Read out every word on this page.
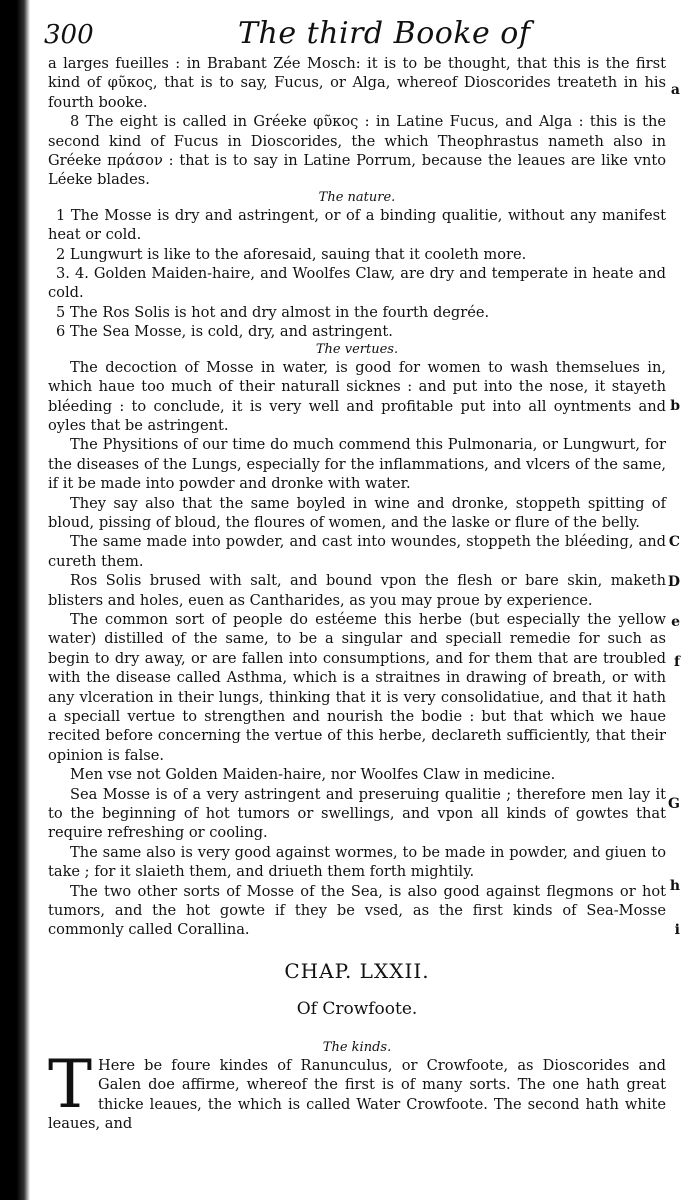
300	The third Booke of

a larges fueilles : in Brabant Zée Mosch: it is to be thought, that this is the first kind of φῦκος, that is to say, Fucus, or Alga, whereof Dioscorides treateth in his fourth booke.

8 The eight is called in Gréeke φῦκος : in Latine Fucus, and Alga : this is the second kind of Fucus in Dioscorides, the which Theophrastus nameth also in Gréeke πράσον : that is to say in Latine Porrum, because the leaues are like vnto Léeke blades.

The nature.

1 The Mosse is dry and astringent, or of a binding qualitie, without any manifest heat or cold.

2 Lungwurt is like to the aforesaid, sauing that it cooleth more.

3. 4. Golden Maiden-haire, and Woolfes Claw, are dry and temperate in heate and cold.

5 The Ros Solis is hot and dry almost in the fourth degrée.

6 The Sea Mosse, is cold, dry, and astringent.

The vertues.

The decoction of Mosse in water, is good for women to wash themselues in, which haue too much of their naturall sicknes : and put into the nose, it stayeth bléeding : to conclude, it is very well and profitable put into all oyntments and oyles that be astringent.

The Physitions of our time do much commend this Pulmonaria, or Lungwurt, for the diseases of the Lungs, especially for the inflammations, and vlcers of the same, if it be made into powder and dronke with water.

They say also that the same boyled in wine and dronke, stoppeth spitting of bloud, pissing of bloud, the floures of women, and the laske or flure of the belly.

The same made into powder, and cast into woundes, stoppeth the bléeding, and cureth them.

Ros Solis brused with salt, and bound vpon the flesh or bare skin, maketh blisters and holes, euen as Cantharides, as you may proue by experience.

The common sort of people do estéeme this herbe (but especially the yellow water) distilled of the same, to be a singular and speciall remedie for such as begin to dry away, or are fallen into consumptions, and for them that are troubled with the disease called Asthma, which is a straitnes in drawing of breath, or with any vlceration in their lungs, thinking that it is very consolidatiue, and that it hath a speciall vertue to strengthen and nourish the bodie : but that which we haue recited before concerning the vertue of this herbe, declareth sufficiently, that their opinion is false.

Men vse not Golden Maiden-haire, nor Woolfes Claw in medicine.

Sea Mosse is of a very astringent and preseruing qualitie ; therefore men lay it to the beginning of hot tumors or swellings, and vpon all kinds of gowtes that require refreshing or cooling.

The same also is very good against wormes, to be made in powder, and giuen to take ; for it slaieth them, and driueth them forth mightily.

The two other sorts of Mosse of the Sea, is also good against flegmons or hot tumors, and the hot gowte if they be vsed, as the first kinds of Sea-Mosse commonly called Corallina.

CHAP. LXXII.
Of Crowfoote.
The kinds.

T Here be foure kindes of Ranunculus, or Crowfoote, as Dioscorides and Galen doe affirme, whereof the first is of many sorts. The one hath great thicke leaues, the which is called Water Crowfoote. The second hath white leaues, and

a
b
C
D
e
f
G
h
i
